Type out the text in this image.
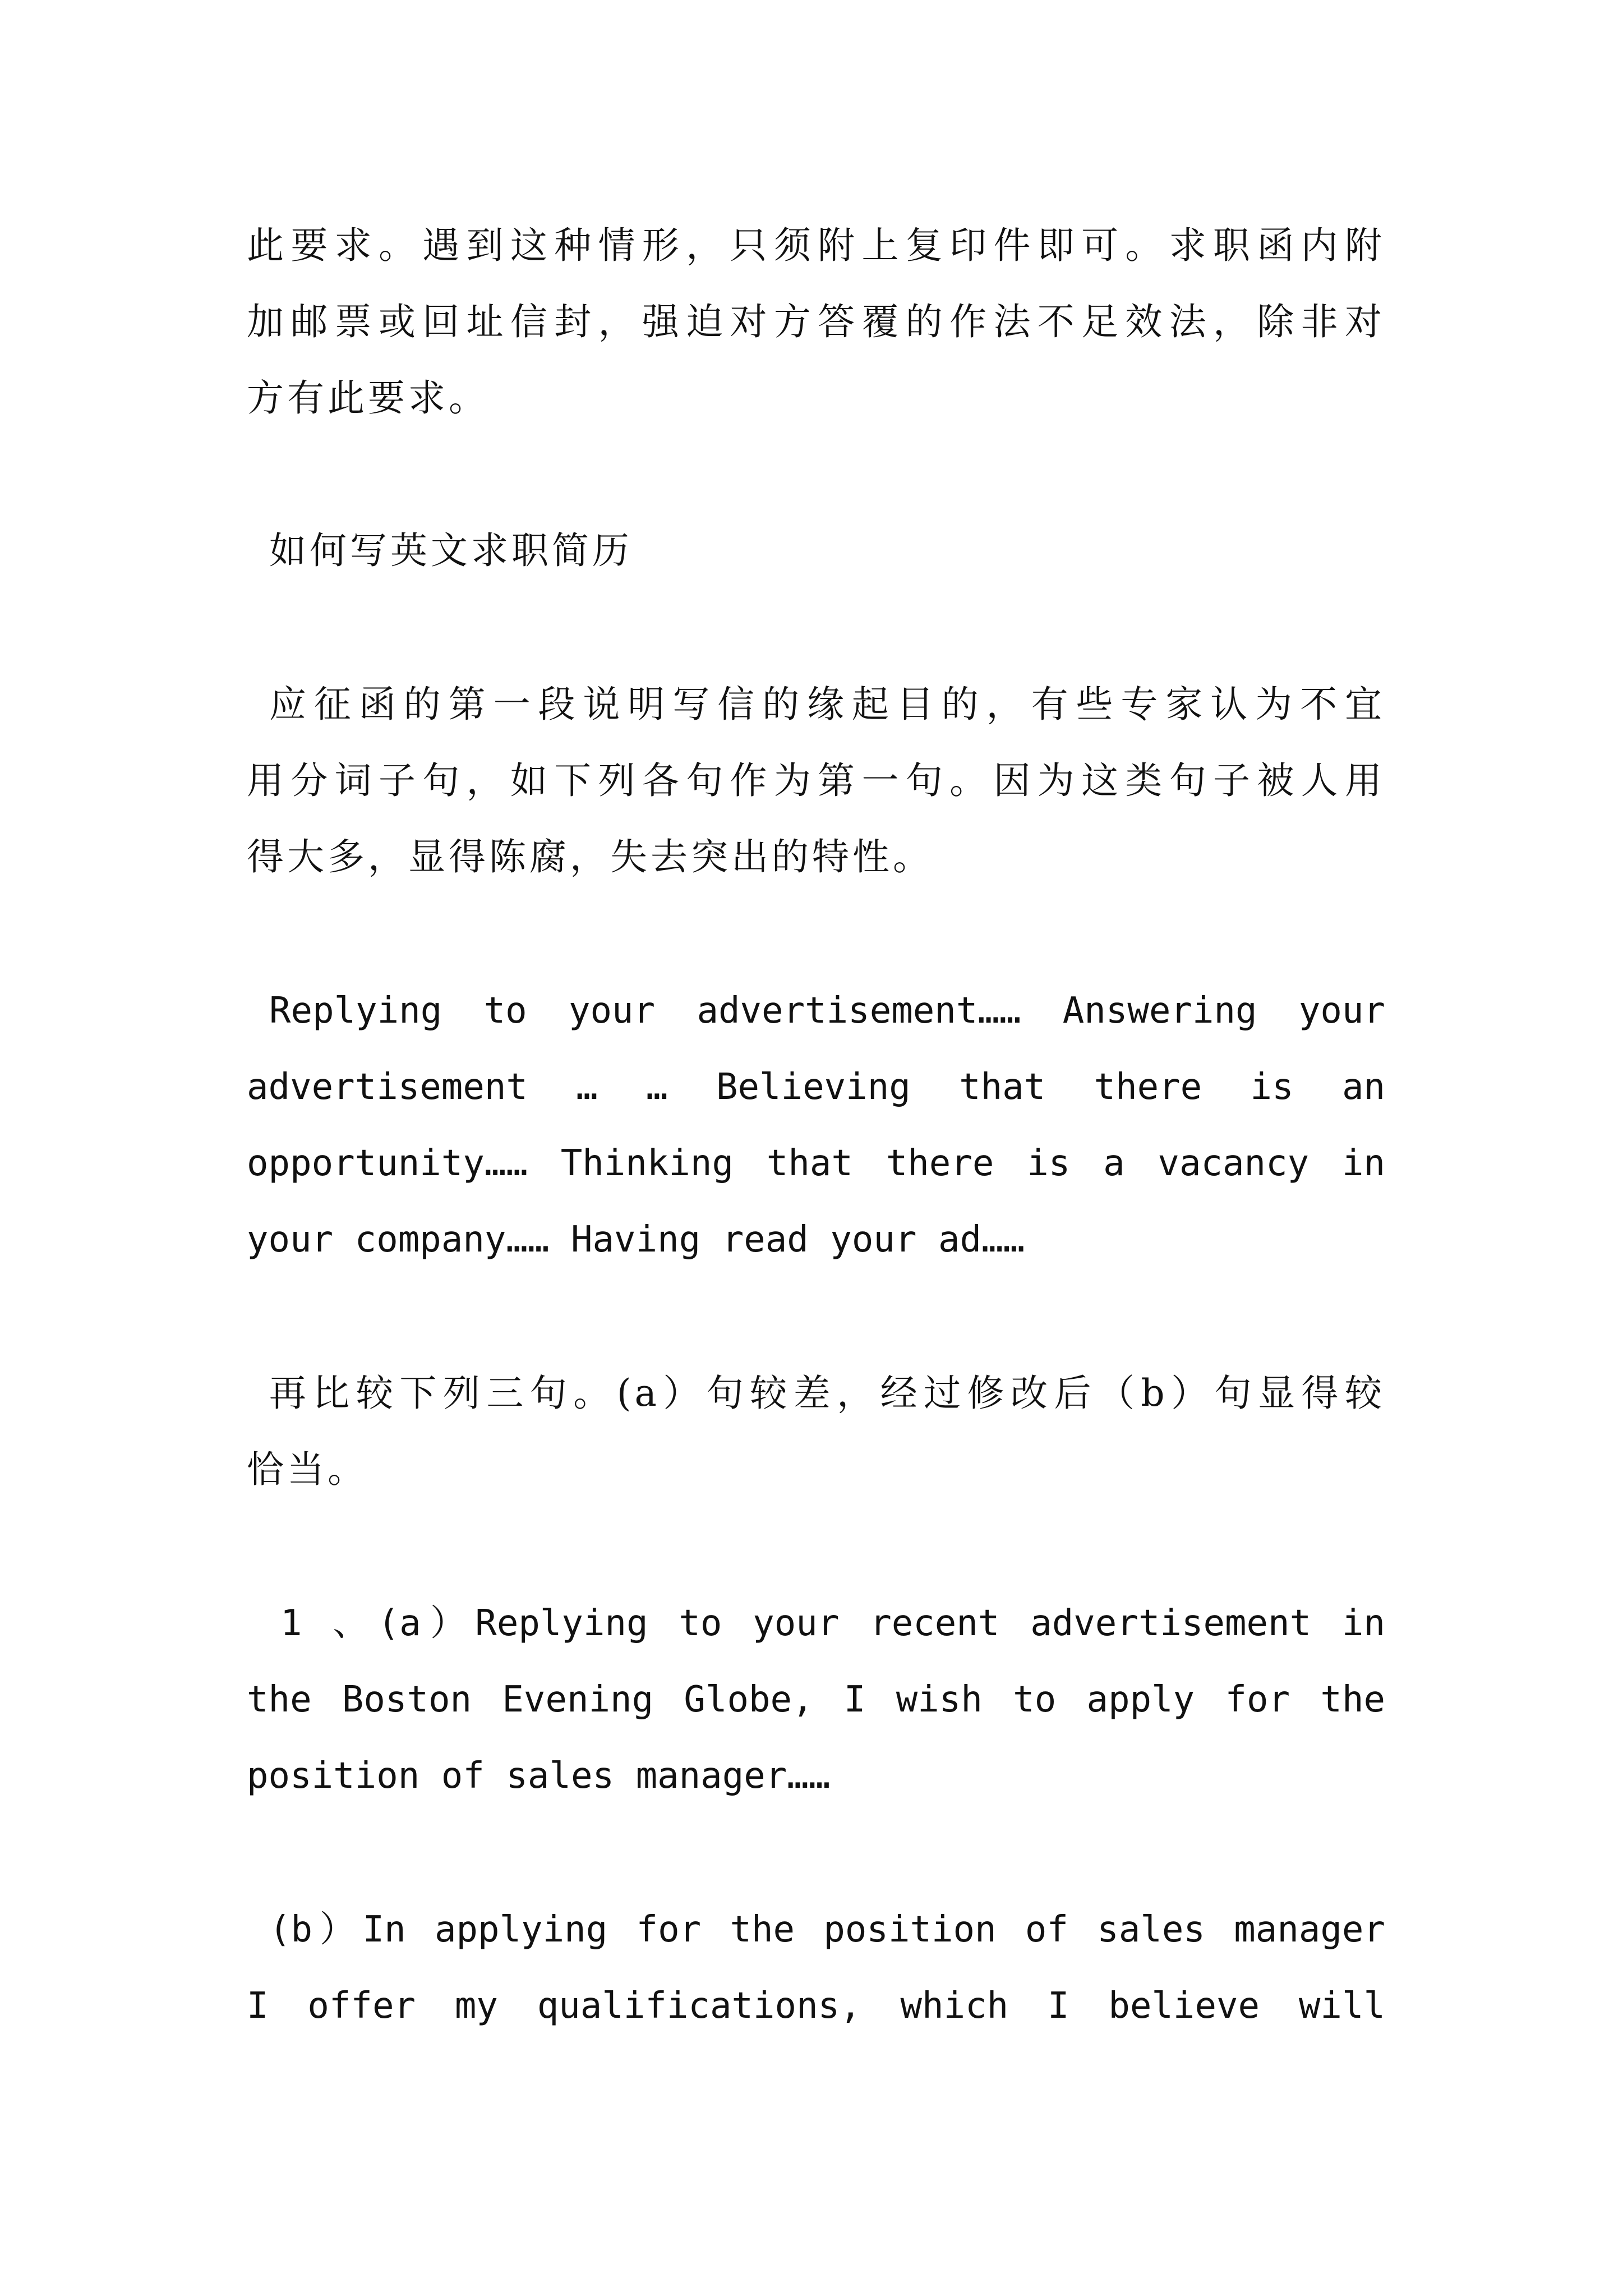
此要求。遇到这种情形，只须附上复印件即可。求职函内附

加邮票或回址信封，强迫对方答覆的作法不足效法，除非对

方有此要求。

如何写英文求职简历

应征函的第一段说明写信的缘起目的，有些专家认为不宜

用分词子句，如下列各句作为第一句。因为这类句子被人用

得大多，显得陈腐，失去突出的特性。

Replying to your advertisement…… Answering your

advertisement … … Believing that there is an

opportunity…… Thinking that there is a vacancy in

your company…… Having read your ad……

再比较下列三句。(a）句较差，经过修改后（b）句显得较

恰当。

1 、(a）Replying to your recent advertisement in

the Boston Evening Globe, I wish to apply for the

position of sales manager……

(b）In applying for the position of sales manager

I offer my qualifications, which I believe will
